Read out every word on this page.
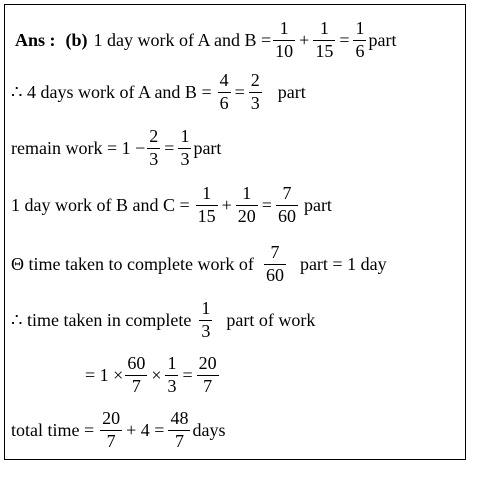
Ans : (b) 1 day work of A and $B = \frac{1}{10} + \frac{1}{15} = \frac{1}{6}$ part
∴ 4 days work of A and $B = \frac{4}{6} = \frac{2}{3}$ part
remain work = $1 - \frac{2}{3} = \frac{1}{3}$ part
1 day work of B and $C = \frac{1}{15} + \frac{1}{20} = \frac{7}{60}$ part
Θ time taken to complete work of $\frac{7}{60}$ part = 1 day
∴ time taken in complete $\frac{1}{3}$ part of work
= $1 \times \frac{60}{7} \times \frac{1}{3} = \frac{20}{7}$
total time = $\frac{20}{7} + 4 = \frac{48}{7}$ days
